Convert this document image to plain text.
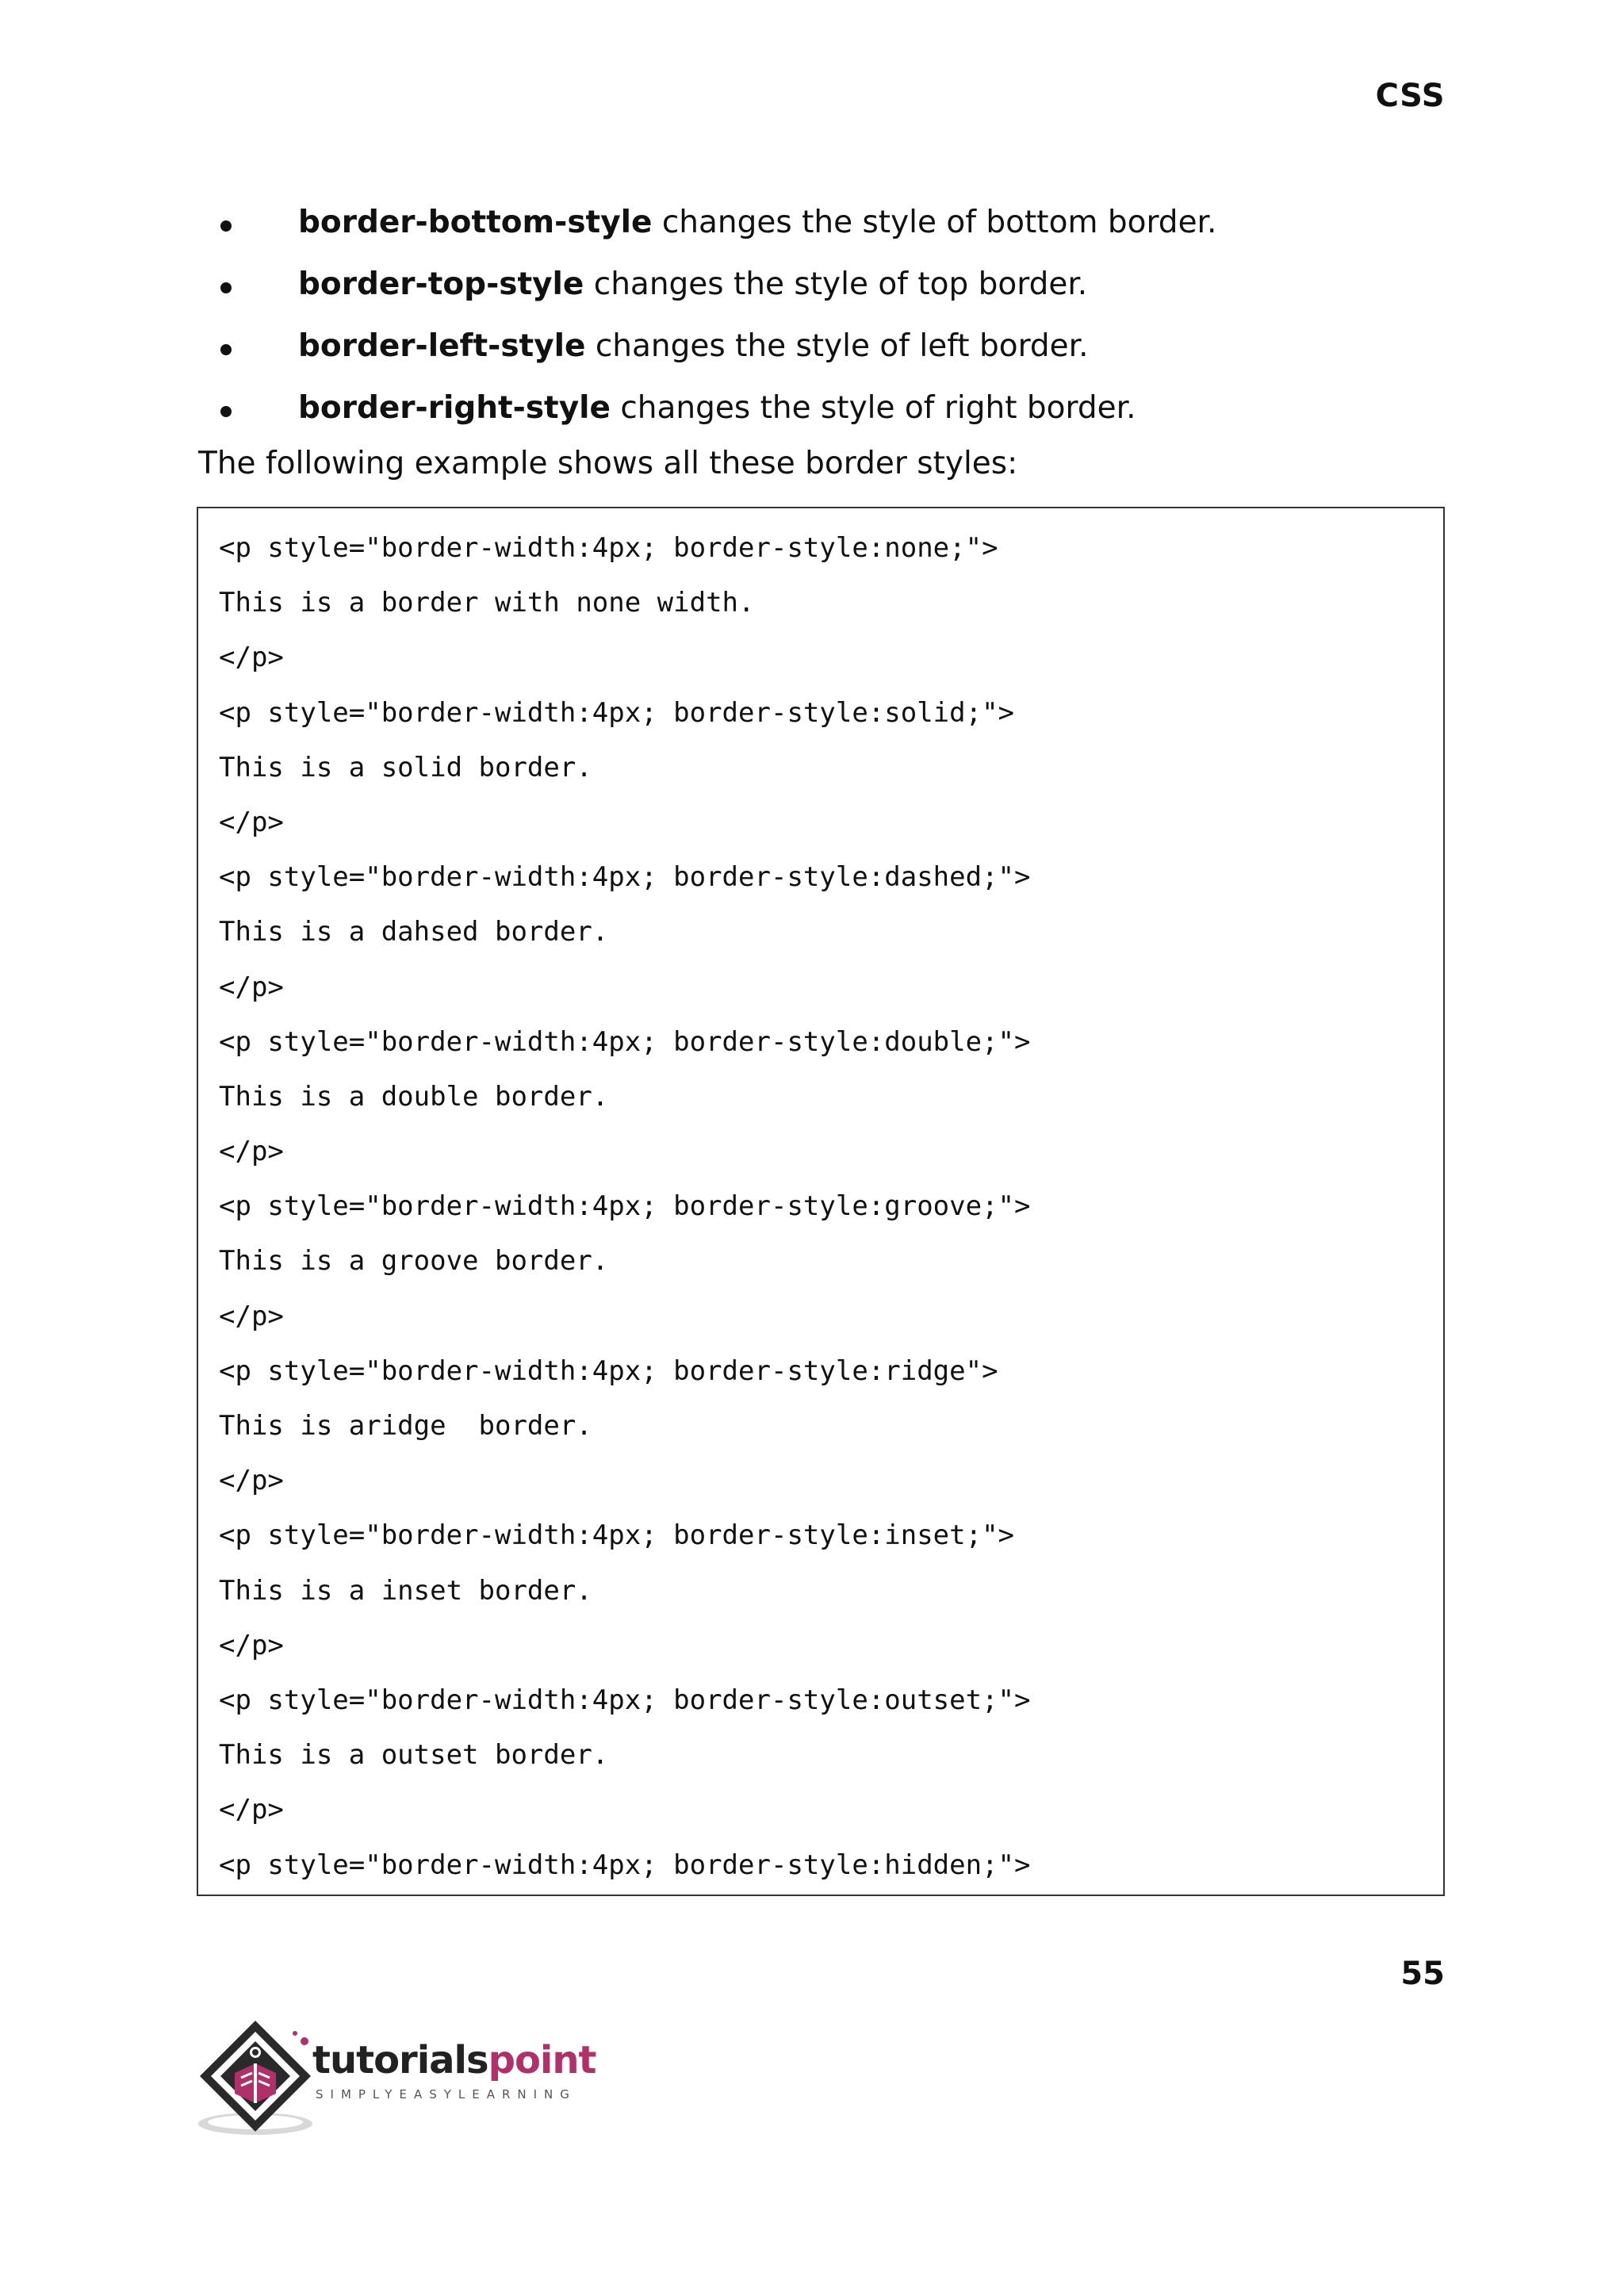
CSS
border-bottom-style changes the style of bottom border.
border-top-style changes the style of top border.
border-left-style changes the style of left border.
border-right-style changes the style of right border.
The following example shows all these border styles:
<p style="border-width:4px; border-style:none;">
This is a border with none width.
</p>
<p style="border-width:4px; border-style:solid;">
This is a solid border.
</p>
<p style="border-width:4px; border-style:dashed;">
This is a dahsed border.
</p>
<p style="border-width:4px; border-style:double;">
This is a double border.
</p>
<p style="border-width:4px; border-style:groove;">
This is a groove border.
</p>
<p style="border-width:4px; border-style:ridge">
This is aridge  border.
</p>
<p style="border-width:4px; border-style:inset;">
This is a inset border.
</p>
<p style="border-width:4px; border-style:outset;">
This is a outset border.
</p>
<p style="border-width:4px; border-style:hidden;">
55
tutorialspoint
SIMPLYEASYLEARNING
